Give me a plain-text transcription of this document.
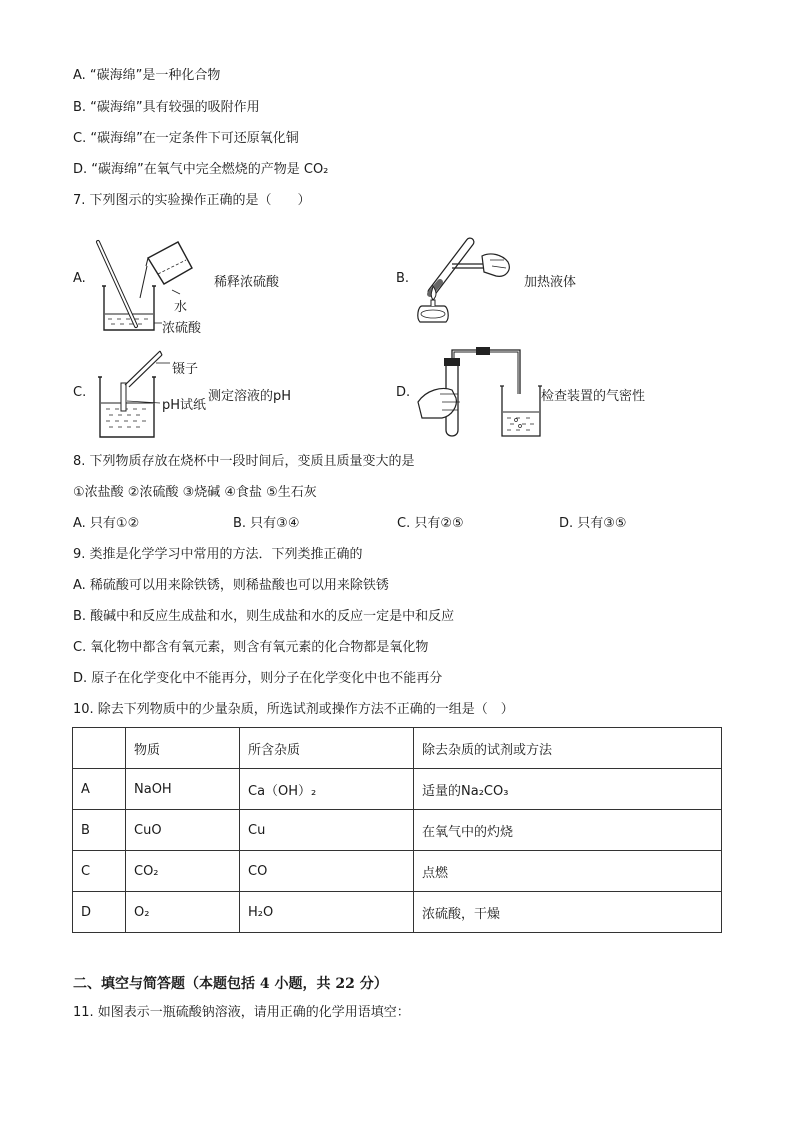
A. “碳海绵”是一种化合物
B. “碳海绵”具有较强的吸附作用
C. “碳海绵”在一定条件下可还原氧化铜
D. “碳海绵”在氧气中完全燃烧的产物是 CO₂
7. 下列图示的实验操作正确的是（　　）
A.	稀释浓硫酸
水
浓硫酸
B.	加热液体
C.
镊子
pH试纸
测定溶液的pH	D.	检查装置的气密性
8. 下列物质存放在烧杯中一段时间后，变质且质量变大的是
①浓盐酸 ②浓硫酸 ③烧碱 ④食盐 ⑤生石灰
A. 只有①②	B. 只有③④	C. 只有②⑤	D. 只有③⑤
9. 类推是化学学习中常用的方法．下列类推正确的
A. 稀硫酸可以用来除铁锈，则稀盐酸也可以用来除铁锈
B. 酸碱中和反应生成盐和水，则生成盐和水的反应一定是中和反应
C. 氧化物中都含有氧元素，则含有氧元素的化合物都是氧化物
D. 原子在化学变化中不能再分，则分子在化学变化中也不能再分
10. 除去下列物质中的少量杂质，所选试剂或操作方法不正确的一组是（　）
	物质	所含杂质	除去杂质的试剂或方法
A	NaOH	Ca（OH）₂	适量的Na₂CO₃
B	CuO	Cu	在氧气中的灼烧
C	CO₂	CO	点燃
D	O₂	H₂O	浓硫酸，干燥
二、填空与简答题（本题包括 4 小题，共 22 分）
11. 如图表示一瓶硫酸钠溶液，请用正确的化学用语填空：
